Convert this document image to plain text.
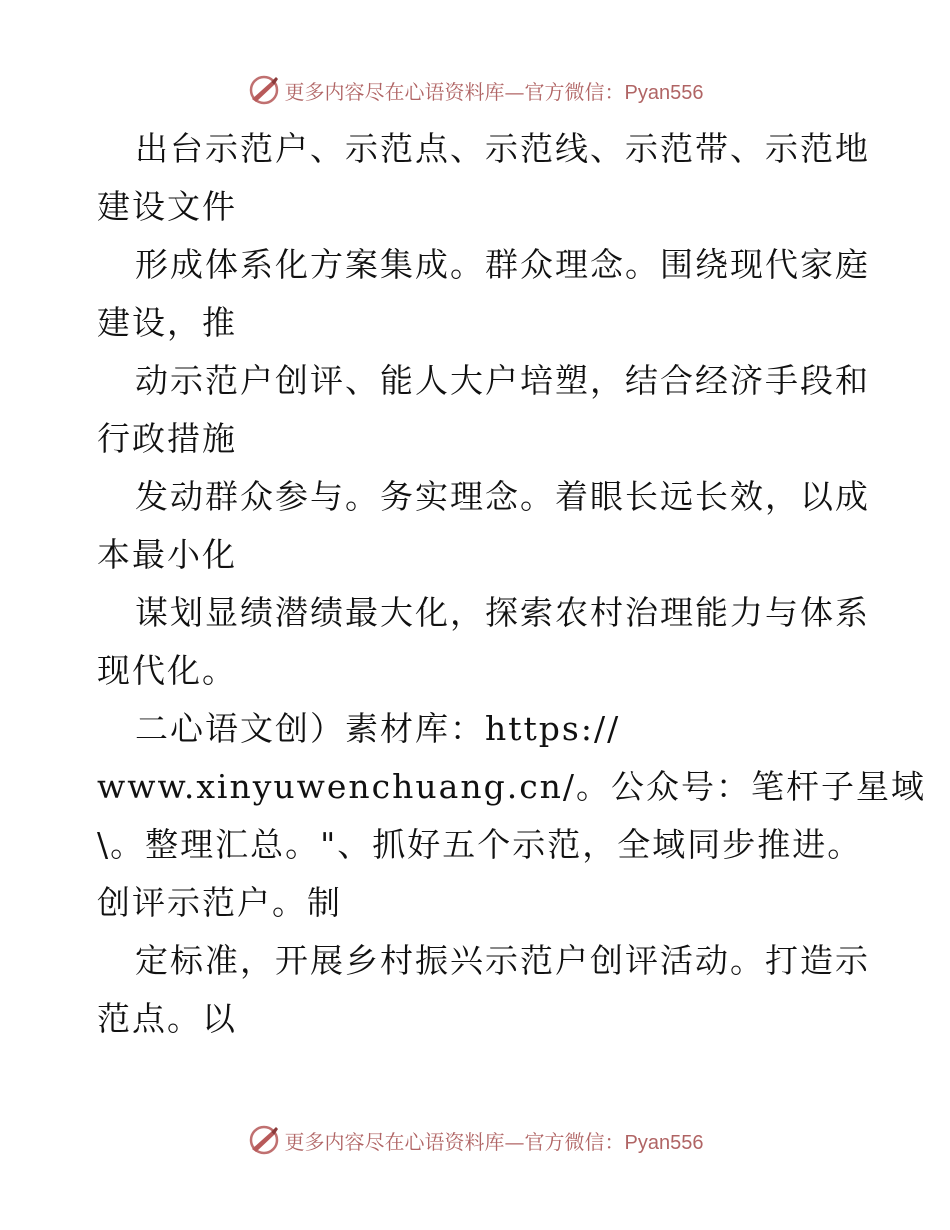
更多内容尽在心语资料库—官方微信：Pyan556
出台示范户、示范点、示范线、示范带、示范地
建设文件
形成体系化方案集成。群众理念。围绕现代家庭
建设，推
动示范户创评、能人大户培塑，结合经济手段和
行政措施
发动群众参与。务实理念。着眼长远长效，以成
本最小化
谋划显绩潜绩最大化，探索农村治理能力与体系
现代化。
二心语文创）素材库：https://
www.xinyuwenchuang.cn/。公众号：笔杆子星域
\。整理汇总。"、抓好五个示范，全域同步推进。
创评示范户。制
定标准，开展乡村振兴示范户创评活动。打造示
范点。以
更多内容尽在心语资料库—官方微信：Pyan556
